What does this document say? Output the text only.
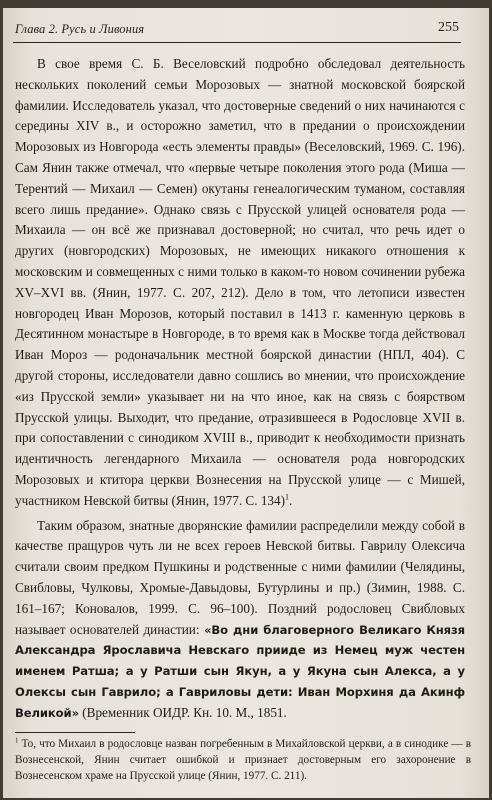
Глава 2. Русь и Ливония	255

В свое время С. Б. Веселовский подробно обследовал деятельность нескольких поколений семьи Морозовых — знатной московской боярской фамилии. Исследователь указал, что достоверные сведений о них начинаются с середины XIV в., и осторожно заметил, что в предании о происхождении Морозовых из Новгорода «есть элементы правды» (Веселовский, 1969. С. 196). Сам Янин также отмечал, что «первые четыре поколения этого рода (Миша — Терентий — Михаил — Семен) окутаны генеалогическим туманом, составляя всего лишь предание». Однако связь с Прусской улицей основателя рода — Михаила — он всё же признавал достоверной; но считал, что речь идет о других (новгородских) Морозовых, не имеющих никакого отношения к московским и совмещенных с ними только в каком-то новом сочинении рубежа XV–XVI вв. (Янин, 1977. С. 207, 212). Дело в том, что летописи известен новгородец Иван Морозов, который поставил в 1413 г. каменную церковь в Десятинном монастыре в Новгороде, в то время как в Москве тогда действовал Иван Мороз — родоначальник местной боярской династии (НПЛ, 404). С другой стороны, исследователи давно сошлись во мнении, что происхождение «из Прусской земли» указывает ни на что иное, как на связь с боярством Прусской улицы. Выходит, что предание, отразившееся в Родословце XVII в. при сопоставлении с синодиком XVIII в., приводит к необходимости признать идентичность легендарного Михаила — основателя рода новгородских Морозовых и ктитора церкви Вознесения на Прусской улице — с Мишей, участником Невской битвы (Янин, 1977. С. 134)$^1$.

Таким образом, знатные дворянские фамилии распределили между собой в качестве пращуров чуть ли не всех героев Невской битвы. Гаврилу Олексича считали своим предком Пушкины и родственные с ними фамилии (Челядины, Свибловы, Чулковы, Хромые-Давыдовы, Бутурлины и пр.) (Зимин, 1988. С. 161–167; Коновалов, 1999. С. 96–100). Поздний родословец Свибловых называет основателей династии: «Во дни благоверного Великаго Князя Александра Ярославича Невскаго прииде из Немец муж честен именем Ратша; а у Ратши сын Якун, а у Якуна сын Алекса, а у Олексы сын Гаврило; а Гавриловы дети: Иван Морхиня да Акинф Великой» (Временник ОИДР. Кн. 10. М., 1851.

$^1$ То, что Михаил в родословце назван погребенным в Михайловской церкви, а в синодике — в Вознесенской, Янин считает ошибкой и признает достоверным его захоронение в Вознесенском храме на Прусской улице (Янин, 1977. С. 211).
